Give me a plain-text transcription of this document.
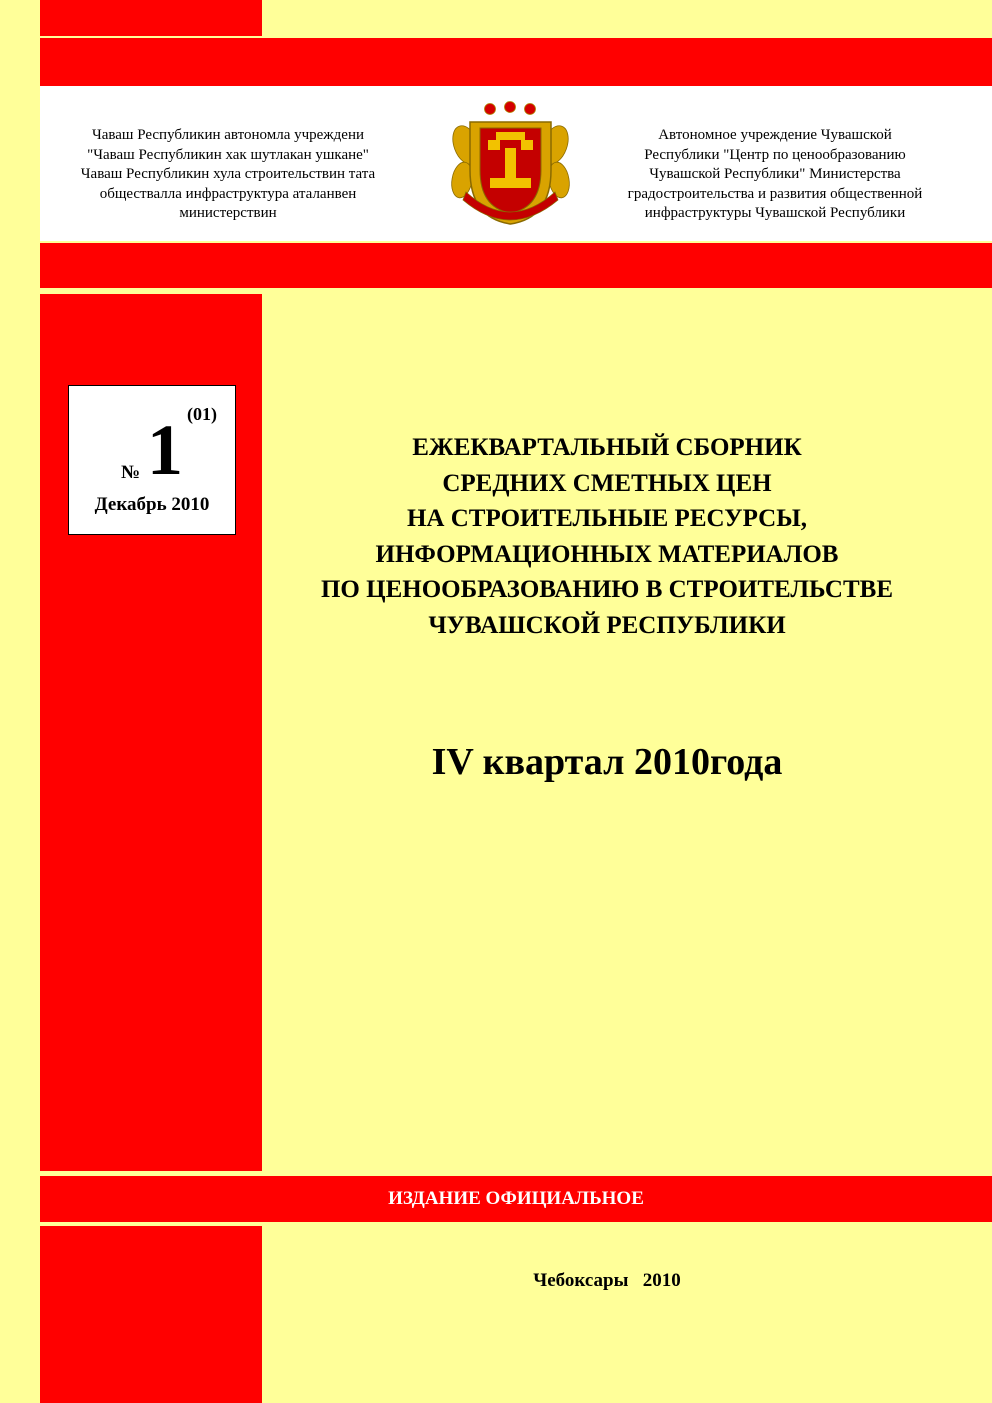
Чаваш Республикин автономла учреждени
"Чаваш Республикин хак шутлакан ушкане"
Чаваш Республикин хула строительствин тата
обществалла инфраструктура аталанвен
министерствин
Автономное учреждение Чувашской
Республики "Центр по ценообразованию
Чувашской Республики" Министерства
градостроительства и развития общественной
инфраструктуры Чувашской Республики
(01)
№ 1
Декабрь 2010
ЕЖЕКВАРТАЛЬНЫЙ СБОРНИК
СРЕДНИХ СМЕТНЫХ ЦЕН
НА СТРОИТЕЛЬНЫЕ РЕСУРСЫ,
ИНФОРМАЦИОННЫХ МАТЕРИАЛОВ
ПО ЦЕНООБРАЗОВАНИЮ В СТРОИТЕЛЬСТВЕ
ЧУВАШСКОЙ РЕСПУБЛИКИ
IV квартал 2010года
ИЗДАНИЕ ОФИЦИАЛЬНОЕ
Чебоксары   2010
